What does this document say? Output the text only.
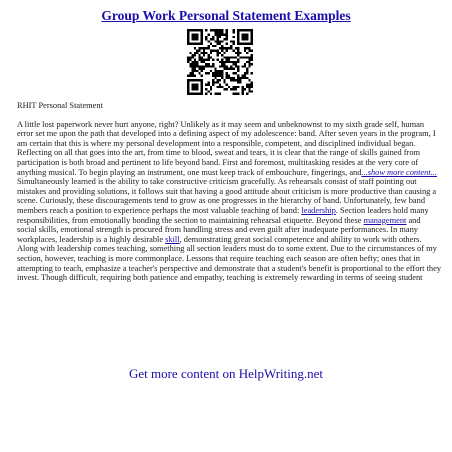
Group Work Personal Statement Examples

RHIT Personal Statement

A little lost paperwork never hurt anyone, right? Unlikely as it may seem and unbeknownst to my sixth grade self, human error set me upon the path that developed into a defining aspect of my adolescence: band. After seven years in the program, I am certain that this is where my personal development into a responsible, competent, and disciplined individual began. Reflecting on all that goes into the art, from time to blood, sweat and tears, it is clear that the range of skills gained from participation is both broad and pertinent to life beyond band. First and foremost, multitasking resides at the very core of anything musical. To begin playing an instrument, one must keep track of embouchure, fingerings, and...show more content...

Simultaneously learned is the ability to take constructive criticism gracefully. As rehearsals consist of staff pointing out mistakes and providing solutions, it follows suit that having a good attitude about criticism is more productive than causing a scene. Curiously, these discouragements tend to grow as one progresses in the hierarchy of band. Unfortunately, few band members reach a position to experience perhaps the most valuable teaching of band: leadership. Section leaders hold many responsibilities, from emotionally bonding the section to maintaining rehearsal etiquette. Beyond these management and social skills, emotional strength is procured from handling stress and even guilt after inadequate performances. In many workplaces, leadership is a highly desirable skill, demonstrating great social competence and ability to work with others. Along with leadership comes teaching, something all section leaders must do to some extent. Due to the circumstances of my section, however, teaching is more commonplace. Lessons that require teaching each season are often hefty; ones that in attempting to teach, emphasize a teacher's perspective and demonstrate that a student's benefit is proportional to the effort they invest. Though difficult, requiring both patience and empathy, teaching is extremely rewarding in terms of seeing student

Get more content on HelpWriting.net
